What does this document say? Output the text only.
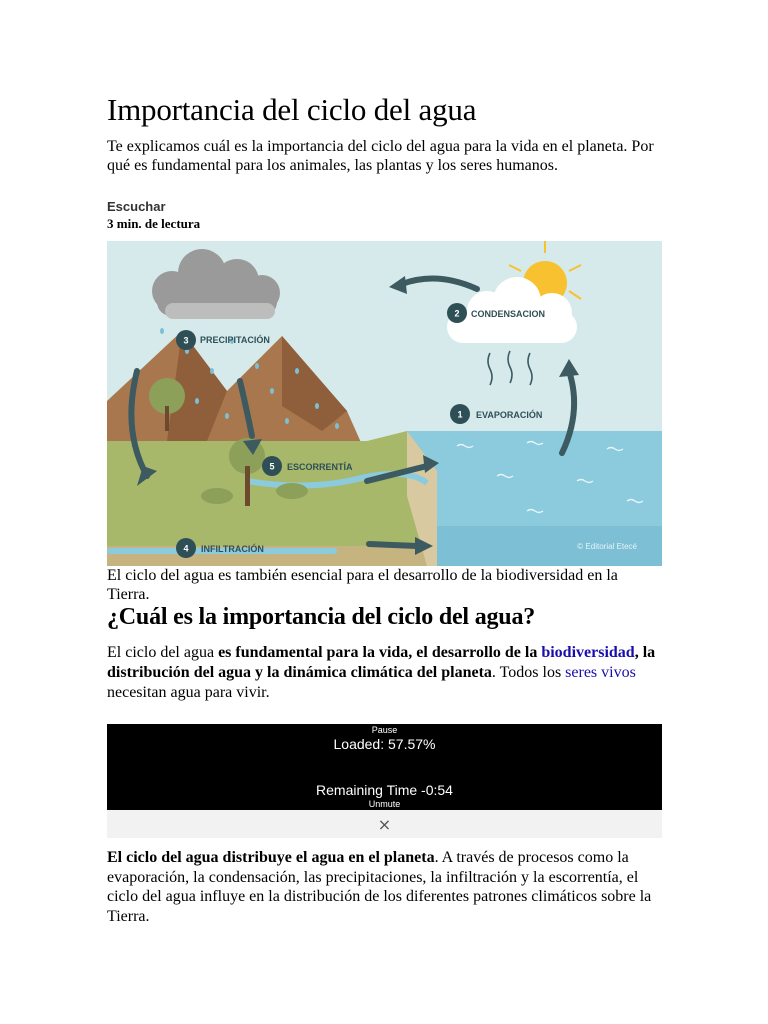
Importancia del ciclo del agua

Te explicamos cuál es la importancia del ciclo del agua para la vida en el planeta. Por qué es fundamental para los animales, las plantas y los seres humanos.

Escuchar
3 min. de lectura
3 PRECIPITACIÓN
2 CONDENSACION
1 EVAPORACIÓN
5 ESCORRENTÍA
4 INFILTRACIÓN	© Editorial Etecé
El ciclo del agua es también esencial para el desarrollo de la biodiversidad en la Tierra.
¿Cuál es la importancia del ciclo del agua?
El ciclo del agua es fundamental para la vida, el desarrollo de la biodiversidad, la distribución del agua y la dinámica climática del planeta. Todos los seres vivos necesitan agua para vivir.
Pause
Loaded: 57.57%
Remaining Time -0:54
Unmute
×
El ciclo del agua distribuye el agua en el planeta. A través de procesos como la evaporación, la condensación, las precipitaciones, la infiltración y la escorrentía, el ciclo del agua influye en la distribución de los diferentes patrones climáticos sobre la Tierra.
